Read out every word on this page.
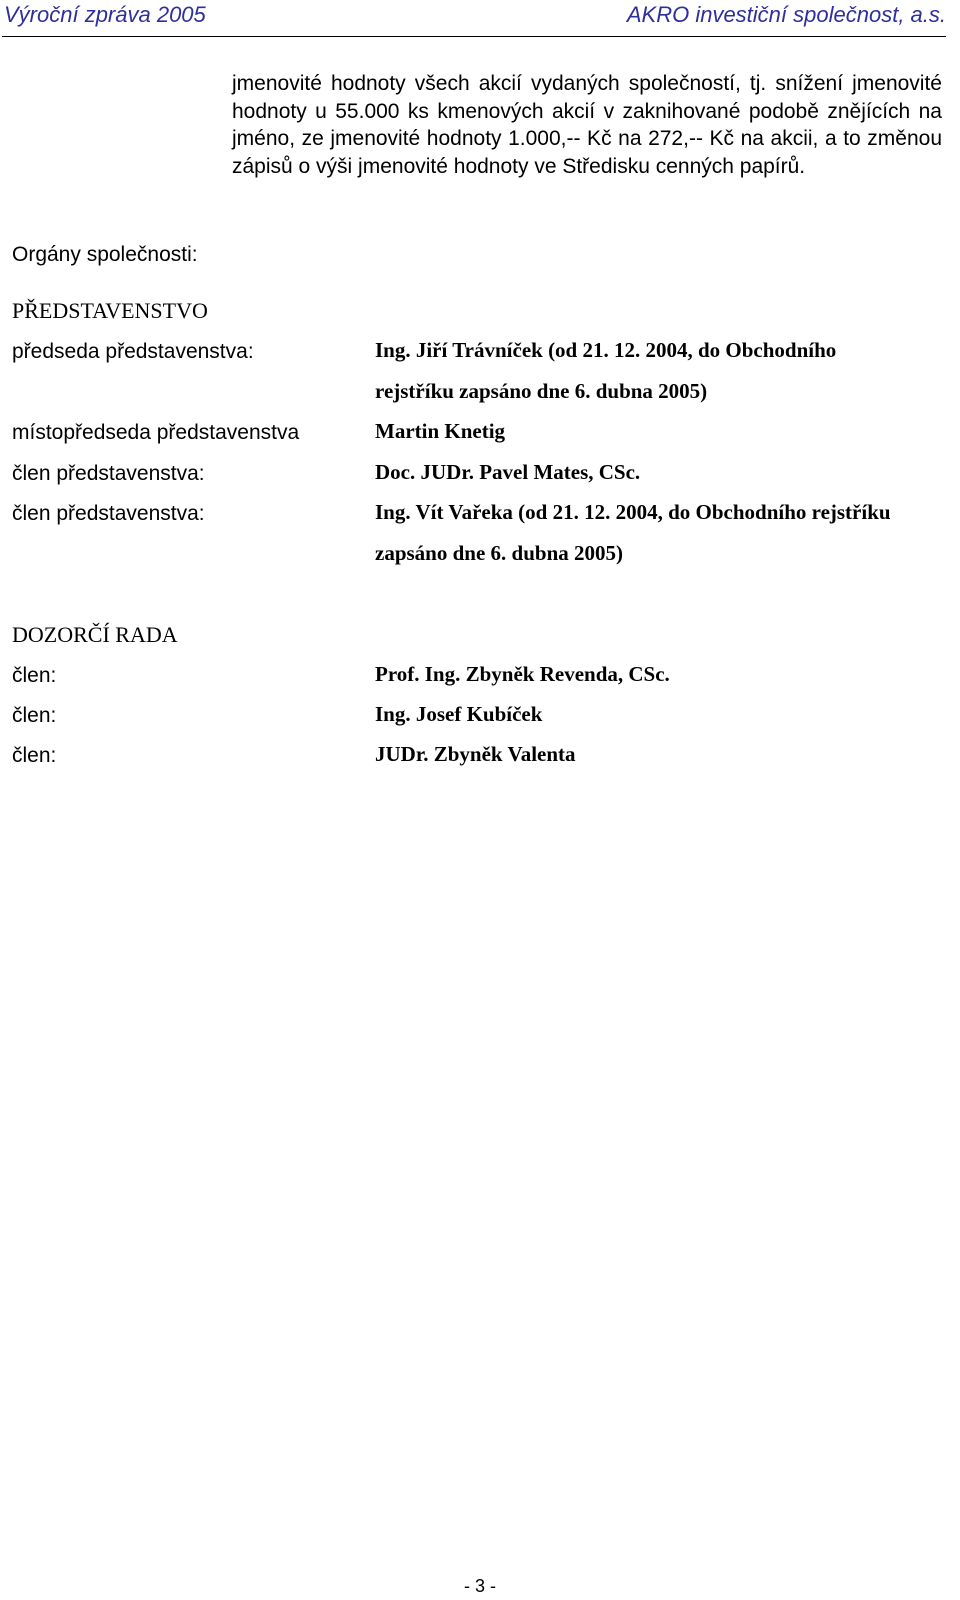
Výroční zpráva 2005	AKRO investiční společnost, a.s.

jmenovité hodnoty všech akcií vydaných společností, tj. snížení jmenovité hodnoty u 55.000 ks kmenových akcií v zaknihované podobě znějících na jméno, ze jmenovité hodnoty 1.000,-- Kč na 272,-- Kč na akcii, a to změnou zápisů o výši jmenovité hodnoty ve Středisku cenných papírů.

Orgány společnosti:
PŘEDSTAVENSTVO
předseda představenstva:	Ing. Jiří Trávníček (od 21. 12. 2004, do Obchodního rejstříku zapsáno dne 6. dubna 2005)
místopředseda představenstva	Martin Knetig
člen představenstva:	Doc. JUDr. Pavel Mates, CSc.
člen představenstva:	Ing. Vít Vařeka (od 21. 12. 2004, do Obchodního rejstříku zapsáno dne 6. dubna 2005)
DOZORČÍ RADA
člen:	Prof. Ing. Zbyněk Revenda, CSc.
člen:	Ing. Josef Kubíček
člen:	JUDr. Zbyněk Valenta
- 3 -
